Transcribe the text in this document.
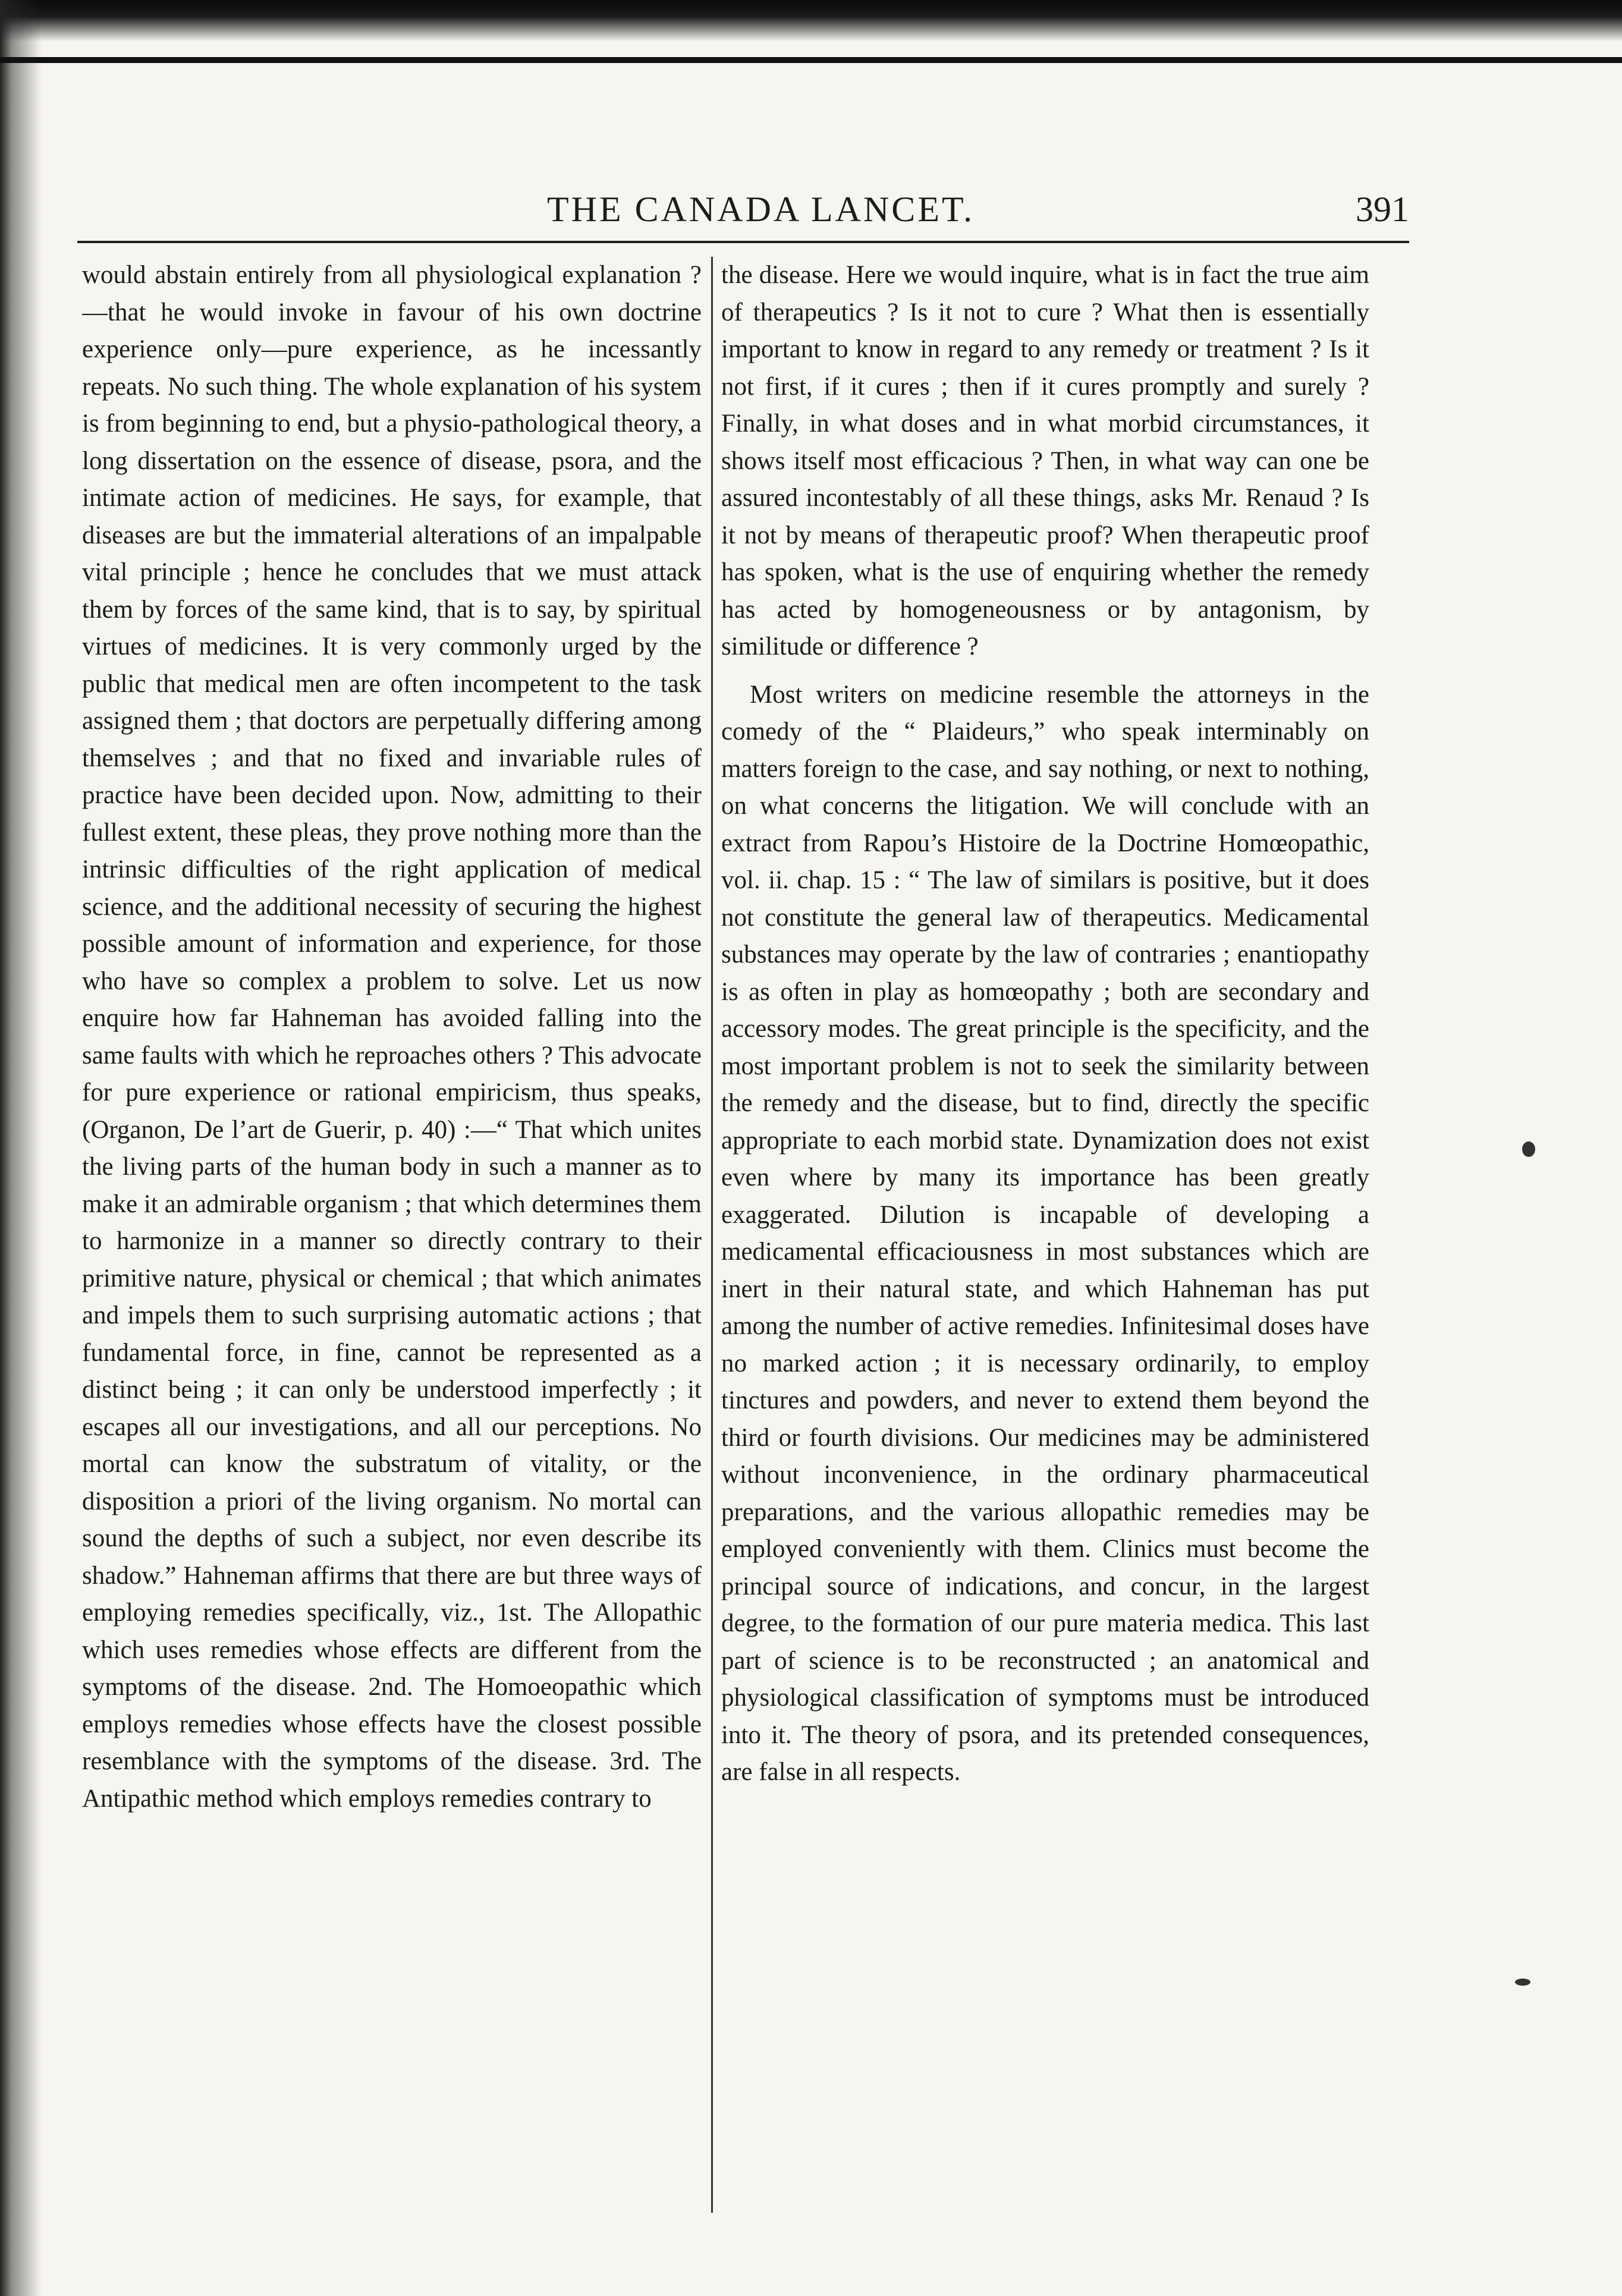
THE CANADA LANCET.	391

would abstain entirely from all physiological explanation ?—that he would invoke in favour of his own doctrine experience only—pure experience, as he incessantly repeats. No such thing. The whole explanation of his system is from beginning to end, but a physio-pathological theory, a long dissertation on the essence of disease, psora, and the intimate action of medicines. He says, for example, that diseases are but the immaterial alterations of an impalpable vital principle ; hence he concludes that we must attack them by forces of the same kind, that is to say, by spiritual virtues of medicines. It is very commonly urged by the public that medical men are often incompetent to the task assigned them ; that doctors are perpetually differing among themselves ; and that no fixed and invariable rules of practice have been decided upon. Now, admitting to their fullest extent, these pleas, they prove nothing more than the intrinsic difficulties of the right application of medical science, and the additional necessity of securing the highest possible amount of information and experience, for those who have so complex a problem to solve. Let us now enquire how far Hahneman has avoided falling into the same faults with which he reproaches others ? This advocate for pure experience or rational empiricism, thus speaks, (Organon, De l’art de Guerir, p. 40) :—“ That which unites the living parts of the human body in such a manner as to make it an admirable organism ; that which determines them to harmonize in a manner so directly contrary to their primitive nature, physical or chemical ; that which animates and impels them to such surprising automatic actions ; that fundamental force, in fine, cannot be represented as a distinct being ; it can only be understood imperfectly ; it escapes all our investigations, and all our perceptions. No mortal can know the substratum of vitality, or the disposition a priori of the living organism. No mortal can sound the depths of such a subject, nor even describe its shadow.” Hahneman affirms that there are but three ways of employing remedies specifically, viz., 1st. The Allopathic which uses remedies whose effects are different from the symptoms of the disease. 2nd. The Homoeopathic which employs remedies whose effects have the closest possible resemblance with the symptoms of the disease. 3rd. The Antipathic method which employs remedies contrary to

the disease. Here we would inquire, what is in fact the true aim of therapeutics ? Is it not to cure ? What then is essentially important to know in regard to any remedy or treatment ? Is it not first, if it cures ; then if it cures promptly and surely ? Finally, in what doses and in what morbid circumstances, it shows itself most efficacious ? Then, in what way can one be assured incontestably of all these things, asks Mr. Renaud ? Is it not by means of therapeutic proof? When therapeutic proof has spoken, what is the use of enquiring whether the remedy has acted by homogeneousness or by antagonism, by similitude or difference ?

Most writers on medicine resemble the attorneys in the comedy of the “ Plaideurs,” who speak interminably on matters foreign to the case, and say nothing, or next to nothing, on what concerns the litigation. We will conclude with an extract from Rapou’s Histoire de la Doctrine Homœopathic, vol. ii. chap. 15 : “ The law of similars is positive, but it does not constitute the general law of therapeutics. Medicamental substances may operate by the law of contraries ; enantiopathy is as often in play as homœopathy ; both are secondary and accessory modes. The great principle is the specificity, and the most important problem is not to seek the similarity between the remedy and the disease, but to find, directly the specific appropriate to each morbid state. Dynamization does not exist even where by many its importance has been greatly exaggerated. Dilution is incapable of developing a medicamental efficaciousness in most substances which are inert in their natural state, and which Hahneman has put among the number of active remedies. Infinitesimal doses have no marked action ; it is necessary ordinarily, to employ tinctures and powders, and never to extend them beyond the third or fourth divisions. Our medicines may be administered without inconvenience, in the ordinary pharmaceutical preparations, and the various allopathic remedies may be employed conveniently with them. Clinics must become the principal source of indications, and concur, in the largest degree, to the formation of our pure materia medica. This last part of science is to be reconstructed ; an anatomical and physiological classification of symptoms must be introduced into it. The theory of psora, and its pretended consequences, are false in all respects.
